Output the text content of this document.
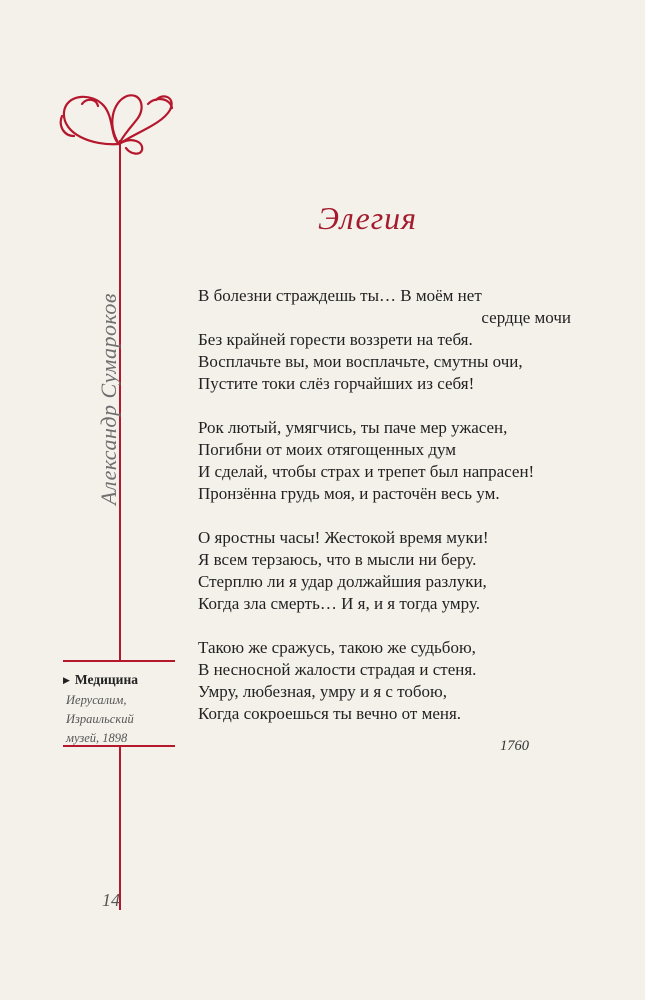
Александр Сумароков
▶ Медицина
Иерусалим,
Израильский
музей, 1898
14
Элегия
В болезни страждешь ты… В моём нет
сердце мочи
Без крайней горести воззрети на тебя.
Восплачьте вы, мои восплачьте, смутны очи,
Пустите токи слёз горчайших из себя!
Рок лютый, умягчись, ты паче мер ужасен,
Погибни от моих отягощенных дум
И сделай, чтобы страх и трепет был напрасен!
Пронзённа грудь моя, и расточён весь ум.
О яростны часы! Жестокой время муки!
Я всем терзаюсь, что в мысли ни беру.
Стерплю ли я удар должайшия разлуки,
Когда зла смерть… И я, и я тогда умру.
Такою же сражусь, такою же судьбою,
В несносной жалости страдая и стеня.
Умру, любезная, умру и я с тобою,
Когда сокроешься ты вечно от меня.
1760
